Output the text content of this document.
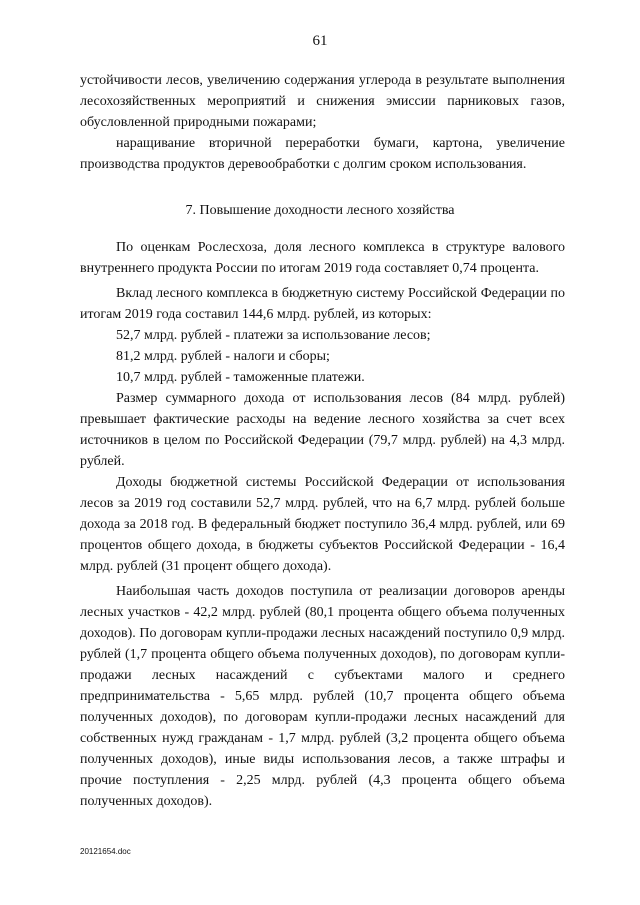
61

устойчивости лесов, увеличению содержания углерода в результате выполнения лесохозяйственных мероприятий и снижения эмиссии парниковых газов, обусловленной природными пожарами;

наращивание вторичной переработки бумаги, картона, увеличение производства продуктов деревообработки с долгим сроком использования.

7. Повышение доходности лесного хозяйства

По оценкам Рослесхоза, доля лесного комплекса в структуре валового внутреннего продукта России по итогам 2019 года составляет 0,74 процента.

Вклад лесного комплекса в бюджетную систему Российской Федерации по итогам 2019 года составил 144,6 млрд. рублей, из которых:

52,7 млрд. рублей - платежи за использование лесов;

81,2 млрд. рублей - налоги и сборы;

10,7 млрд. рублей - таможенные платежи.

Размер суммарного дохода от использования лесов (84 млрд. рублей) превышает фактические расходы на ведение лесного хозяйства за счет всех источников в целом по Российской Федерации (79,7 млрд. рублей) на 4,3 млрд. рублей.

Доходы бюджетной системы Российской Федерации от использования лесов за 2019 год составили 52,7 млрд. рублей, что на 6,7 млрд. рублей больше дохода за 2018 год. В федеральный бюджет поступило 36,4 млрд. рублей, или 69 процентов общего дохода, в бюджеты субъектов Российской Федерации - 16,4 млрд. рублей (31 процент общего дохода).

Наибольшая часть доходов поступила от реализации договоров аренды лесных участков - 42,2 млрд. рублей (80,1 процента общего объема полученных доходов). По договорам купли-продажи лесных насаждений поступило 0,9 млрд. рублей (1,7 процента общего объема полученных доходов), по договорам купли-продажи лесных насаждений с субъектами малого и среднего предпринимательства - 5,65 млрд. рублей (10,7 процента общего объема полученных доходов), по договорам купли-продажи лесных насаждений для собственных нужд гражданам - 1,7 млрд. рублей (3,2 процента общего объема полученных доходов), иные виды использования лесов, а также штрафы и прочие поступления - 2,25 млрд. рублей (4,3 процента общего объема полученных доходов).

20121654.doc
